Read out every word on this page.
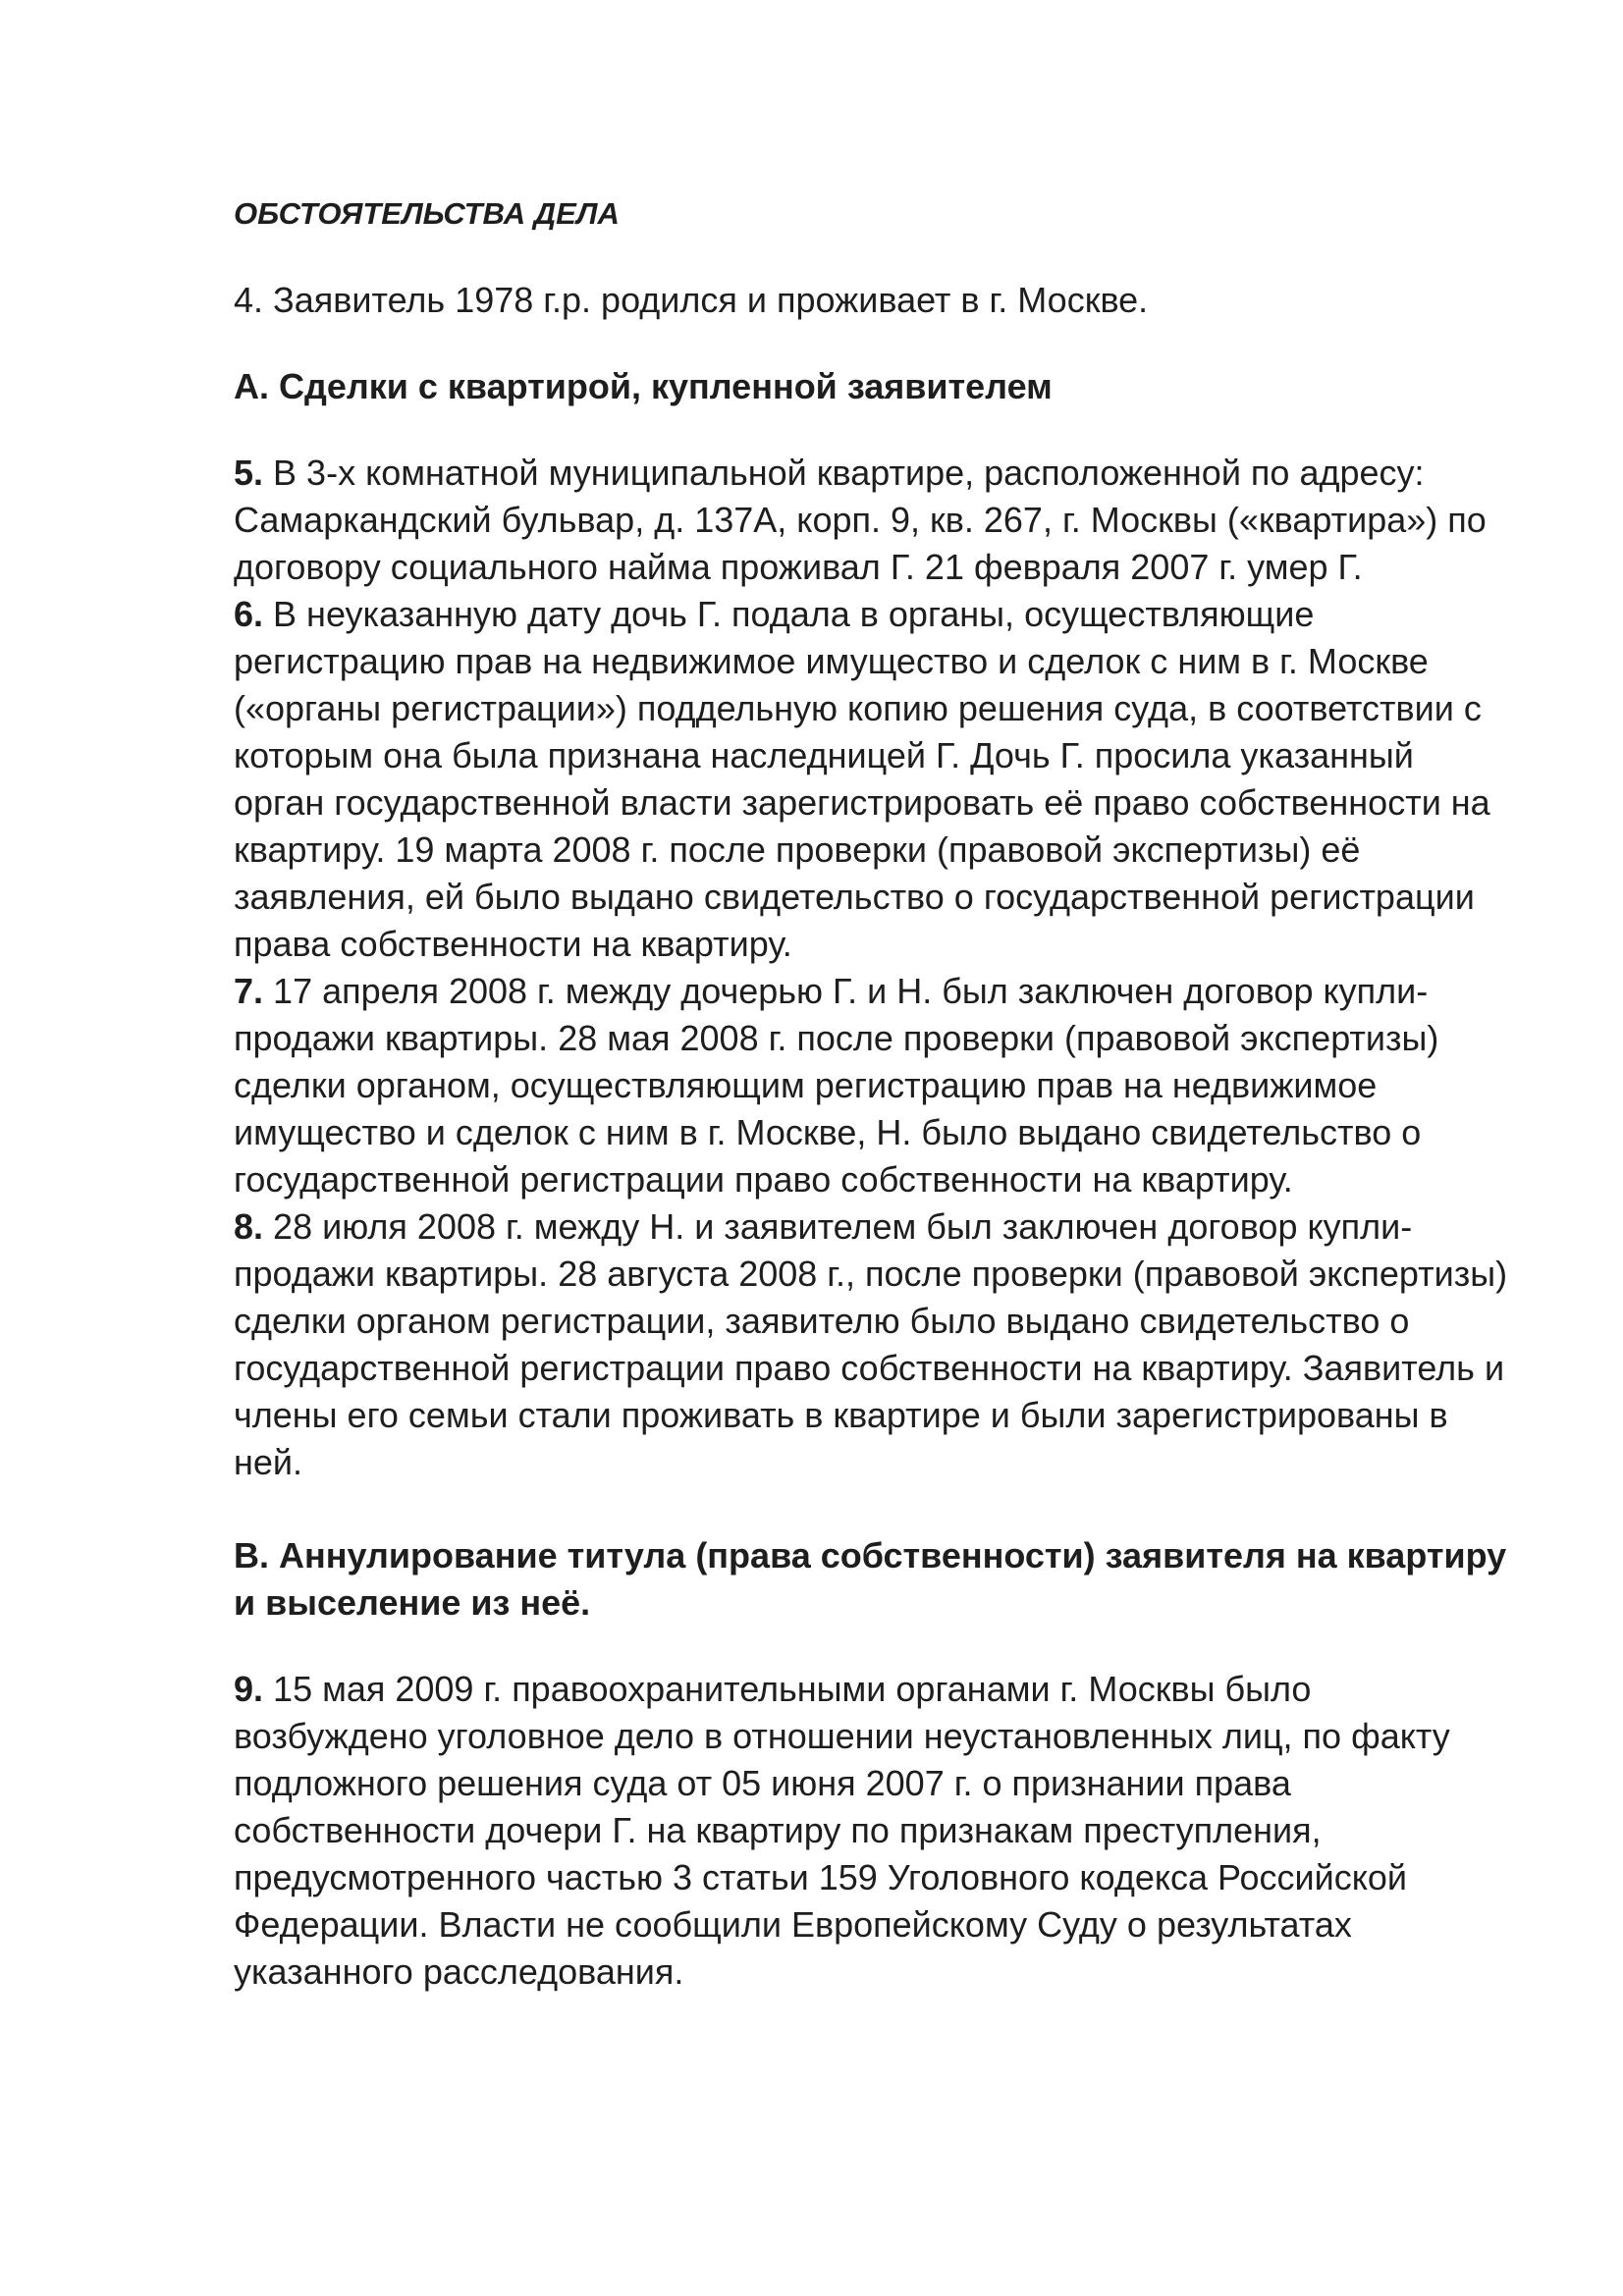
ОБСТОЯТЕЛЬСТВА ДЕЛА
4. Заявитель 1978 г.р. родился и проживает в г. Москве.
А. Сделки с квартирой, купленной заявителем

5. В 3-х комнатной муниципальной квартире, расположенной по адресу: Самаркандский бульвар, д. 137А, корп. 9, кв. 267, г. Москвы («квартира») по договору социального найма проживал Г. 21 февраля 2007 г. умер Г.

6. В неуказанную дату дочь Г. подала в органы, осуществляющие регистрацию прав на недвижимое имущество и сделок с ним в г. Москве («органы регистрации») поддельную копию решения суда, в соответствии с которым она была признана наследницей Г. Дочь Г. просила указанный орган государственной власти зарегистрировать её право собственности на квартиру. 19 марта 2008 г. после проверки (правовой экспертизы) её заявления, ей было выдано свидетельство о государственной регистрации права собственности на квартиру.

7. 17 апреля 2008 г. между дочерью Г. и Н. был заключен договор купли-продажи квартиры. 28 мая 2008 г. после проверки (правовой экспертизы) сделки органом, осуществляющим регистрацию прав на недвижимое имущество и сделок с ним в г. Москве, Н. было выдано свидетельство о государственной регистрации право собственности на квартиру.

8. 28 июля 2008 г. между Н. и заявителем был заключен договор купли-продажи квартиры. 28 августа 2008 г., после проверки (правовой экспертизы) сделки органом регистрации, заявителю было выдано свидетельство о государственной регистрации право собственности на квартиру. Заявитель и члены его семьи стали проживать в квартире и были зарегистрированы в ней.

В. Аннулирование титула (права собственности) заявителя на квартиру и выселение из неё.

9. 15 мая 2009 г. правоохранительными органами г. Москвы было возбуждено уголовное дело в отношении неустановленных лиц, по факту подложного решения суда от 05 июня 2007 г. о признании права собственности дочери Г. на квартиру по признакам преступления, предусмотренного частью 3 статьи 159 Уголовного кодекса Российской Федерации. Власти не сообщили Европейскому Суду о результатах указанного расследования.
